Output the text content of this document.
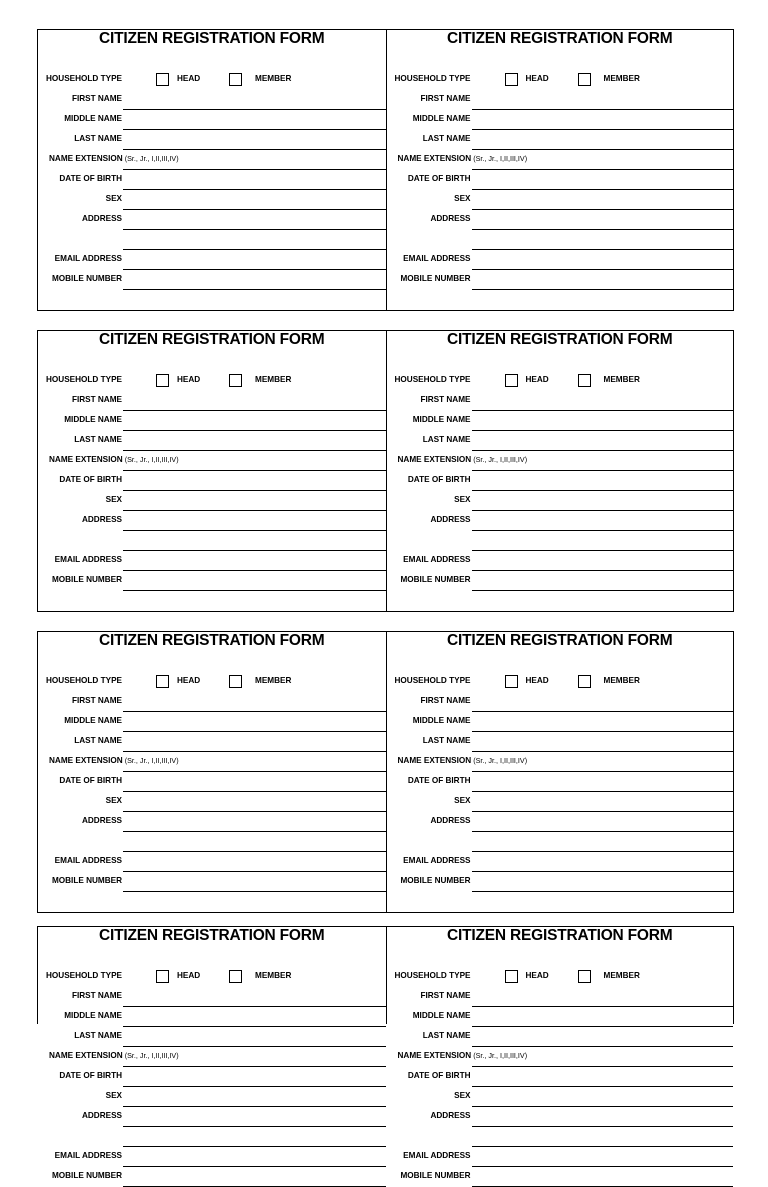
CITIZEN REGISTRATION FORM
HOUSEHOLD TYPE	HEAD	MEMBER
FIRST NAME
MIDDLE NAME
LAST NAME
NAME EXTENSION (Sr., Jr., I,II,III,IV)
DATE OF BIRTH
SEX
ADDRESS
EMAIL ADDRESS
MOBILE NUMBER
CITIZEN REGISTRATION FORM
HOUSEHOLD TYPE	HEAD	MEMBER
FIRST NAME
MIDDLE NAME
LAST NAME
NAME EXTENSION (Sr., Jr., I,II,III,IV)
DATE OF BIRTH
SEX
ADDRESS
EMAIL ADDRESS
MOBILE NUMBER
CITIZEN REGISTRATION FORM
HOUSEHOLD TYPE	HEAD	MEMBER
FIRST NAME
MIDDLE NAME
LAST NAME
NAME EXTENSION (Sr., Jr., I,II,III,IV)
DATE OF BIRTH
SEX
ADDRESS
EMAIL ADDRESS
MOBILE NUMBER
CITIZEN REGISTRATION FORM
HOUSEHOLD TYPE	HEAD	MEMBER
FIRST NAME
MIDDLE NAME
LAST NAME
NAME EXTENSION (Sr., Jr., I,II,III,IV)
DATE OF BIRTH
SEX
ADDRESS
EMAIL ADDRESS
MOBILE NUMBER
CITIZEN REGISTRATION FORM
HOUSEHOLD TYPE	HEAD	MEMBER
FIRST NAME
MIDDLE NAME
LAST NAME
NAME EXTENSION (Sr., Jr., I,II,III,IV)
DATE OF BIRTH
SEX
ADDRESS
EMAIL ADDRESS
MOBILE NUMBER
CITIZEN REGISTRATION FORM
HOUSEHOLD TYPE	HEAD	MEMBER
FIRST NAME
MIDDLE NAME
LAST NAME
NAME EXTENSION (Sr., Jr., I,II,III,IV)
DATE OF BIRTH
SEX
ADDRESS
EMAIL ADDRESS
MOBILE NUMBER
CITIZEN REGISTRATION FORM
HOUSEHOLD TYPE	HEAD	MEMBER
FIRST NAME
MIDDLE NAME
LAST NAME
NAME EXTENSION (Sr., Jr., I,II,III,IV)
DATE OF BIRTH
SEX
ADDRESS
EMAIL ADDRESS
MOBILE NUMBER
CITIZEN REGISTRATION FORM
HOUSEHOLD TYPE	HEAD	MEMBER
FIRST NAME
MIDDLE NAME
LAST NAME
NAME EXTENSION (Sr., Jr., I,II,III,IV)
DATE OF BIRTH
SEX
ADDRESS
EMAIL ADDRESS
MOBILE NUMBER
